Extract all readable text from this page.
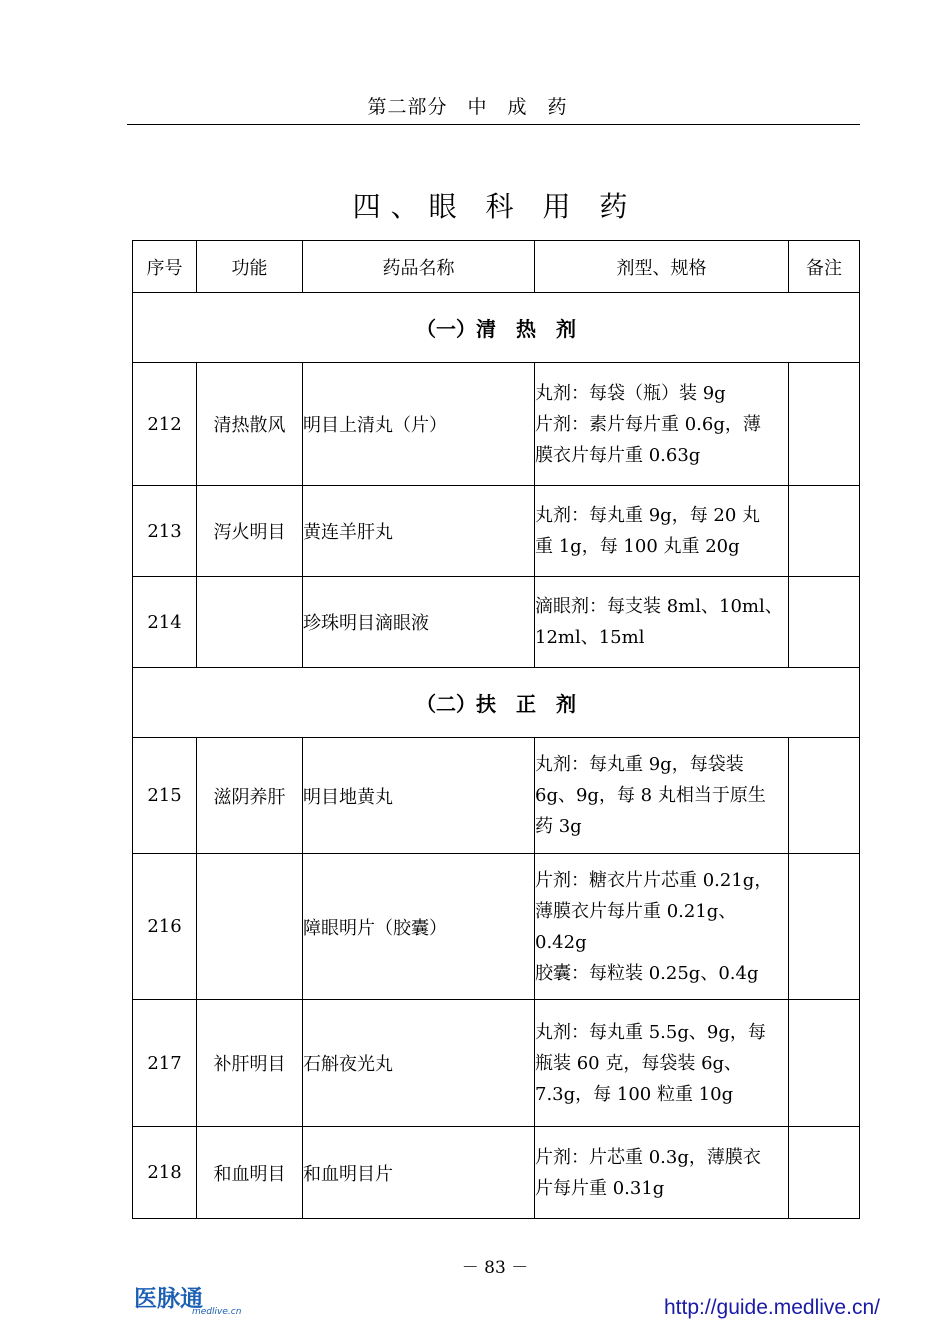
第二部分　中　成　药
四、眼 科 用 药
序号	功能	药品名称	剂型、规格	备注
（一）清　热　剂				
212	清热散风	明目上清丸（片）	丸剂：每袋（瓶）装 9g
片剂：素片每片重 0.6g，薄
膜衣片每片重 0.63g	

213	泻火明目	黄连羊肝丸	丸剂：每丸重 9g，每 20 丸
重 1g，每 100 丸重 20g	

214		珍珠明目滴眼液	滴眼剂：每支装 8ml、10ml、
12ml、15ml	

（二）扶　正　剂				
215	滋阴养肝	明目地黄丸	丸剂：每丸重 9g，每袋装
6g、9g，每 8 丸相当于原生
药 3g	

216		障眼明片（胶囊）	片剂：糖衣片片芯重 0.21g，
薄膜衣片每片重 0.21g、
0.42g
胶囊：每粒装 0.25g、0.4g	

217	补肝明目	石斛夜光丸	丸剂：每丸重 5.5g、9g，每
瓶装 60 克，每袋装 6g、
7.3g，每 100 粒重 10g	

218	和血明目	和血明目片	片剂：片芯重 0.3g，薄膜衣
片每片重 0.31g	

－ 83 －
医脉通
medlive.cn	http://guide.medlive.cn/
